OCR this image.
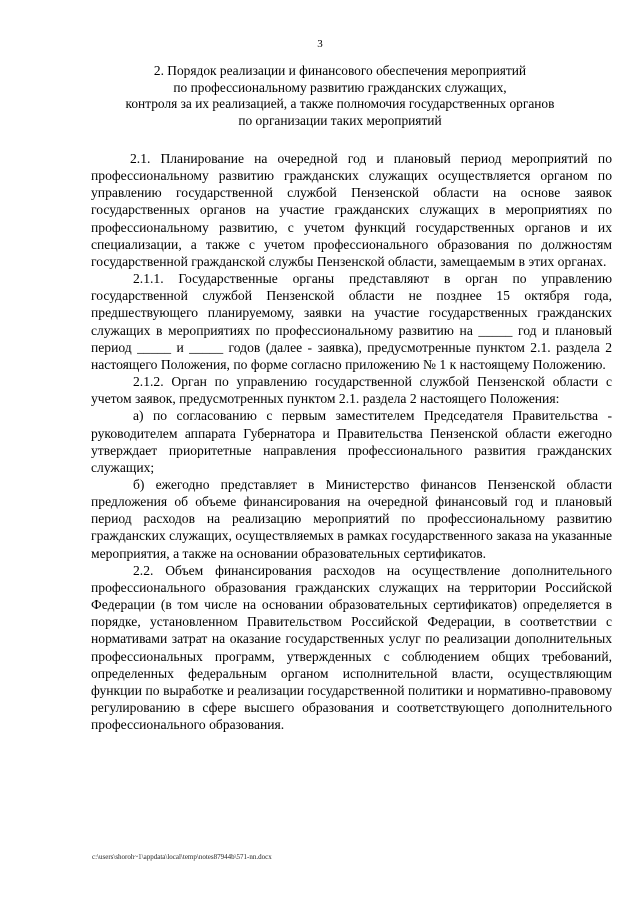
3
2. Порядок реализации и финансового обеспечения мероприятий
по профессиональному развитию гражданских служащих,
контроля за их реализацией, а также полномочия государственных органов
по организации таких мероприятий

2.1. Планирование на очередной год и плановый период мероприятий по профессиональному развитию гражданских служащих осуществляется органом по управлению государственной службой Пензенской области на основе заявок государственных органов на участие гражданских служащих в мероприятиях по профессиональному развитию, с учетом функций государственных органов и их специализации, а также с учетом профессионального образования по должностям государственной гражданской службы Пензенской области, замещаемым в этих органах.

2.1.1. Государственные органы представляют в орган по управлению государственной службой Пензенской области не позднее 15 октября года, предшествующего планируемому, заявки на участие государственных гражданских служащих в мероприятиях по профессиональному развитию на _____ год и плановый период _____ и _____ годов (далее - заявка), предусмотренные пунктом 2.1. раздела 2 настоящего Положения, по форме согласно приложению № 1 к настоящему Положению.

2.1.2. Орган по управлению государственной службой Пензенской области с учетом заявок, предусмотренных пунктом 2.1. раздела 2 настоящего Положения:

а) по согласованию с первым заместителем Председателя Правительства - руководителем аппарата Губернатора и Правительства Пензенской области ежегодно утверждает приоритетные направления профессионального развития гражданских служащих;

б) ежегодно представляет в Министерство финансов Пензенской области предложения об объеме финансирования на очередной финансовый год и плановый период расходов на реализацию мероприятий по профессиональному развитию гражданских служащих, осуществляемых в рамках государственного заказа на указанные мероприятия, а также на основании образовательных сертификатов.

2.2. Объем финансирования расходов на осуществление дополнительного профессионального образования гражданских служащих на территории Российской Федерации (в том числе на основании образовательных сертификатов) определяется в порядке, установленном Правительством Российской Федерации, в соответствии с нормативами затрат на оказание государственных услуг по реализации дополнительных профессиональных программ, утвержденных с соблюдением общих требований, определенных федеральным органом исполнительной власти, осуществляющим функции по выработке и реализации государственной политики и нормативно-правовому регулированию в сфере высшего образования и соответствующего дополнительного профессионального образования.

c:\users\shoroh~1\appdata\local\temp\notes87944b\571-nn.docx
